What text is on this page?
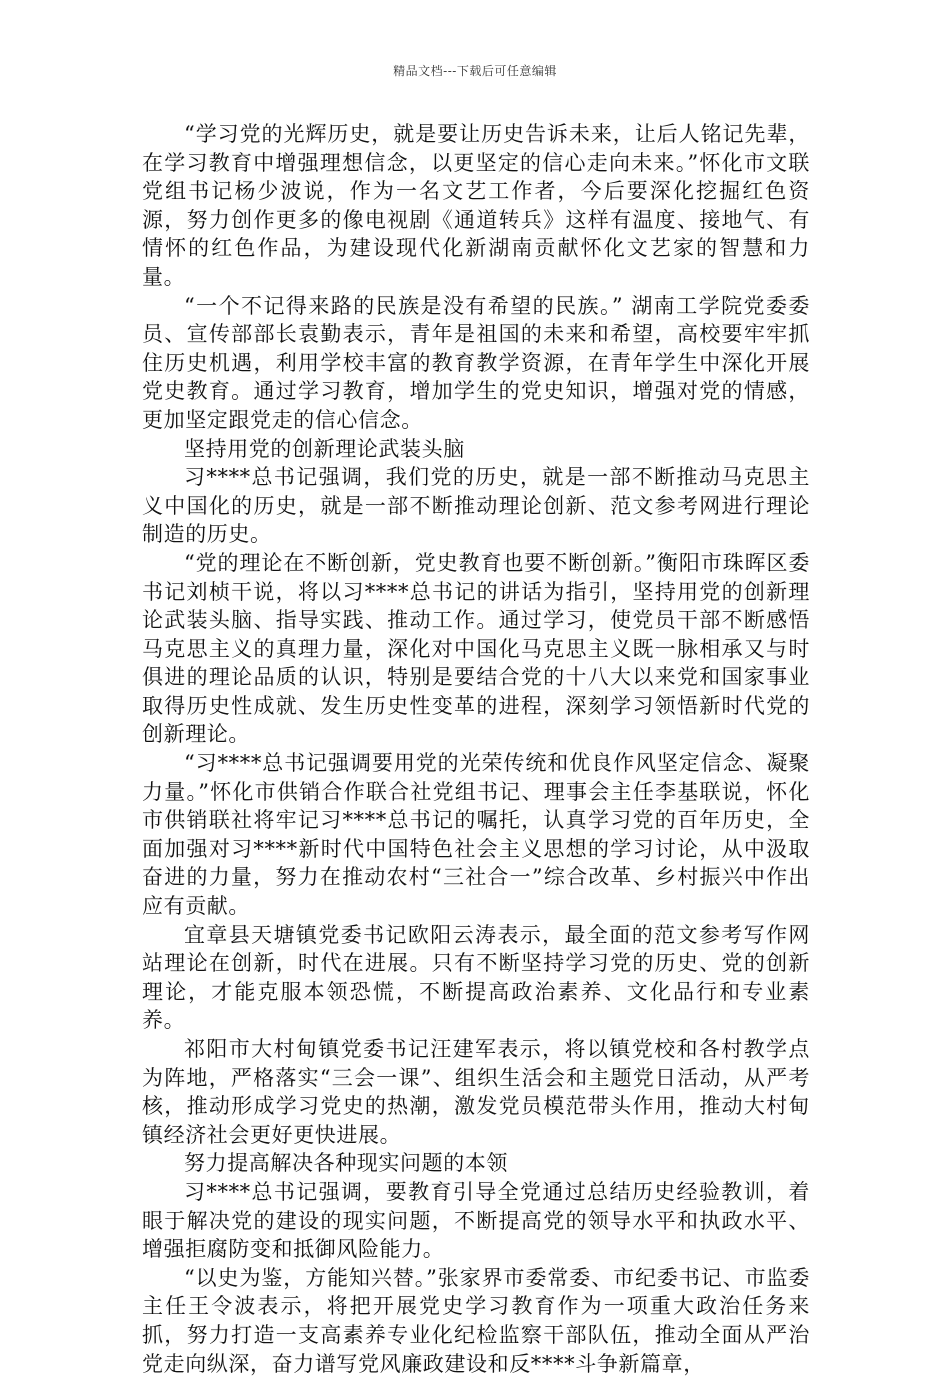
精品文档---下载后可任意编辑

“学习党的光辉历史，就是要让历史告诉未来，让后人铭记先辈，在学习教育中增强理想信念，以更坚定的信心走向未来。”怀化市文联党组书记杨少波说，作为一名文艺工作者，今后要深化挖掘红色资源，努力创作更多的像电视剧《通道转兵》这样有温度、接地气、有情怀的红色作品，为建设现代化新湖南贡献怀化文艺家的智慧和力量。

“一个不记得来路的民族是没有希望的民族。” 湖南工学院党委委员、宣传部部长袁勤表示，青年是祖国的未来和希望，高校要牢牢抓住历史机遇，利用学校丰富的教育教学资源，在青年学生中深化开展党史教育。通过学习教育，增加学生的党史知识，增强对党的情感，更加坚定跟党走的信心信念。

坚持用党的创新理论武装头脑

习****总书记强调，我们党的历史，就是一部不断推动马克思主义中国化的历史，就是一部不断推动理论创新、范文参考网进行理论制造的历史。

“党的理论在不断创新，党史教育也要不断创新。”衡阳市珠晖区委书记刘桢干说，将以习****总书记的讲话为指引，坚持用党的创新理论武装头脑、指导实践、推动工作。通过学习，使党员干部不断感悟马克思主义的真理力量，深化对中国化马克思主义既一脉相承又与时俱进的理论品质的认识，特别是要结合党的十八大以来党和国家事业取得历史性成就、发生历史性变革的进程，深刻学习领悟新时代党的创新理论。

“习****总书记强调要用党的光荣传统和优良作风坚定信念、凝聚力量。”怀化市供销合作联合社党组书记、理事会主任李基联说，怀化市供销联社将牢记习****总书记的嘱托，认真学习党的百年历史，全面加强对习****新时代中国特色社会主义思想的学习讨论，从中汲取奋进的力量，努力在推动农村“三社合一”综合改革、乡村振兴中作出应有贡献。

宜章县天塘镇党委书记欧阳云涛表示，最全面的范文参考写作网站理论在创新，时代在进展。只有不断坚持学习党的历史、党的创新理论，才能克服本领恐慌，不断提高政治素养、文化品行和专业素养。

祁阳市大村甸镇党委书记汪建军表示，将以镇党校和各村教学点为阵地，严格落实“三会一课”、组织生活会和主题党日活动，从严考核，推动形成学习党史的热潮，激发党员模范带头作用，推动大村甸镇经济社会更好更快进展。

努力提高解决各种现实问题的本领

习****总书记强调，要教育引导全党通过总结历史经验教训，着眼于解决党的建设的现实问题，不断提高党的领导水平和执政水平、增强拒腐防变和抵御风险能力。

“以史为鉴，方能知兴替。”张家界市委常委、市纪委书记、市监委主任王令波表示，将把开展党史学习教育作为一项重大政治任务来抓，努力打造一支高素养专业化纪检监察干部队伍，推动全面从严治党走向纵深，奋力谱写党风廉政建设和反****斗争新篇章，
